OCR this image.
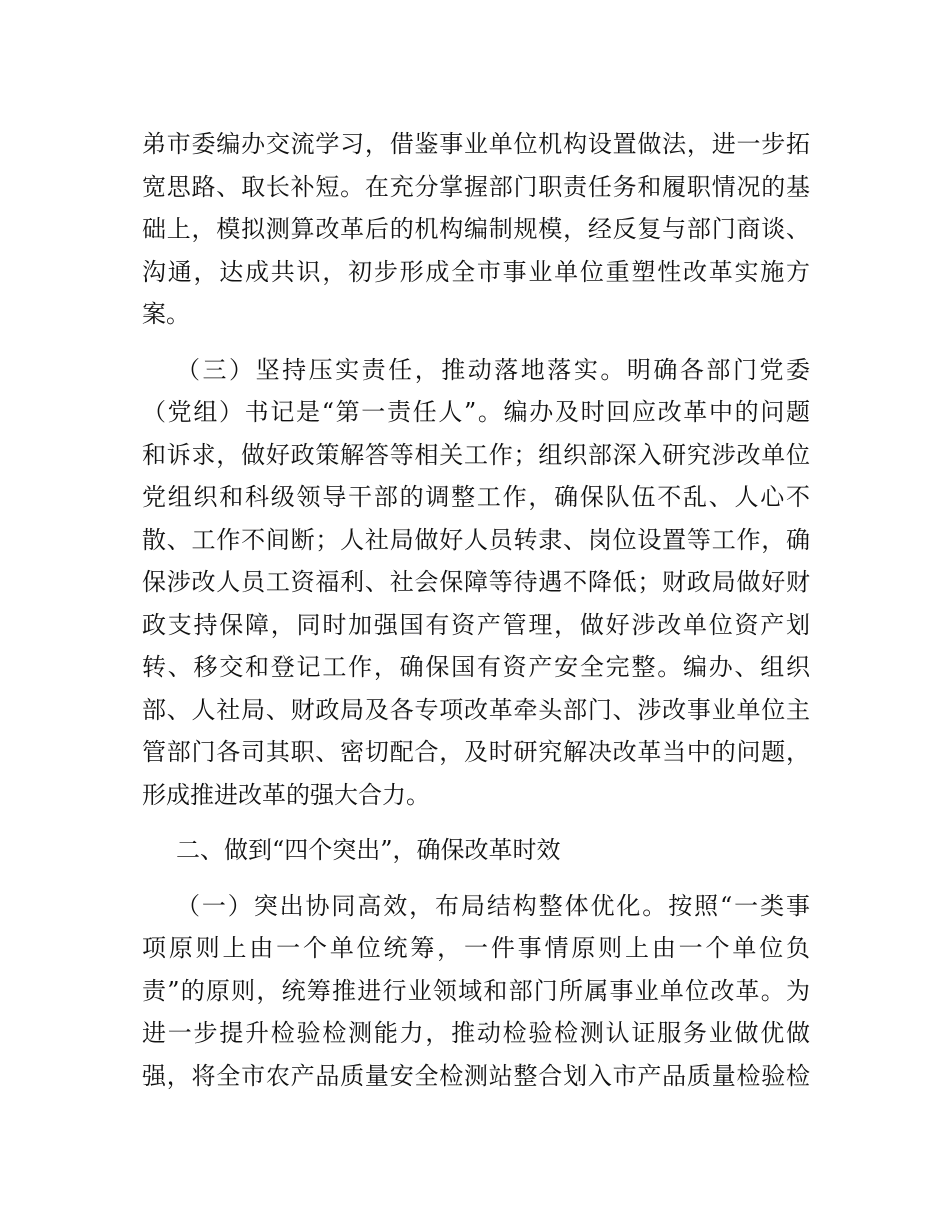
弟市委编办交流学习，借鉴事业单位机构设置做法，进一步拓
宽思路、取长补短。在充分掌握部门职责任务和履职情况的基
础上，模拟测算改革后的机构编制规模，经反复与部门商谈、
沟通，达成共识，初步形成全市事业单位重塑性改革实施方
案。
（三）坚持压实责任，推动落地落实。明确各部门党委
（党组）书记是“第一责任人”。编办及时回应改革中的问题
和诉求，做好政策解答等相关工作；组织部深入研究涉改单位
党组织和科级领导干部的调整工作，确保队伍不乱、人心不
散、工作不间断；人社局做好人员转隶、岗位设置等工作，确
保涉改人员工资福利、社会保障等待遇不降低；财政局做好财
政支持保障，同时加强国有资产管理，做好涉改单位资产划
转、移交和登记工作，确保国有资产安全完整。编办、组织
部、人社局、财政局及各专项改革牵头部门、涉改事业单位主
管部门各司其职、密切配合，及时研究解决改革当中的问题，
形成推进改革的强大合力。
二、做到“四个突出”，确保改革时效
（一）突出协同高效，布局结构整体优化。按照“一类事
项原则上由一个单位统筹，一件事情原则上由一个单位负
责”的原则，统筹推进行业领域和部门所属事业单位改革。为
进一步提升检验检测能力，推动检验检测认证服务业做优做
强，将全市农产品质量安全检测站整合划入市产品质量检验检
